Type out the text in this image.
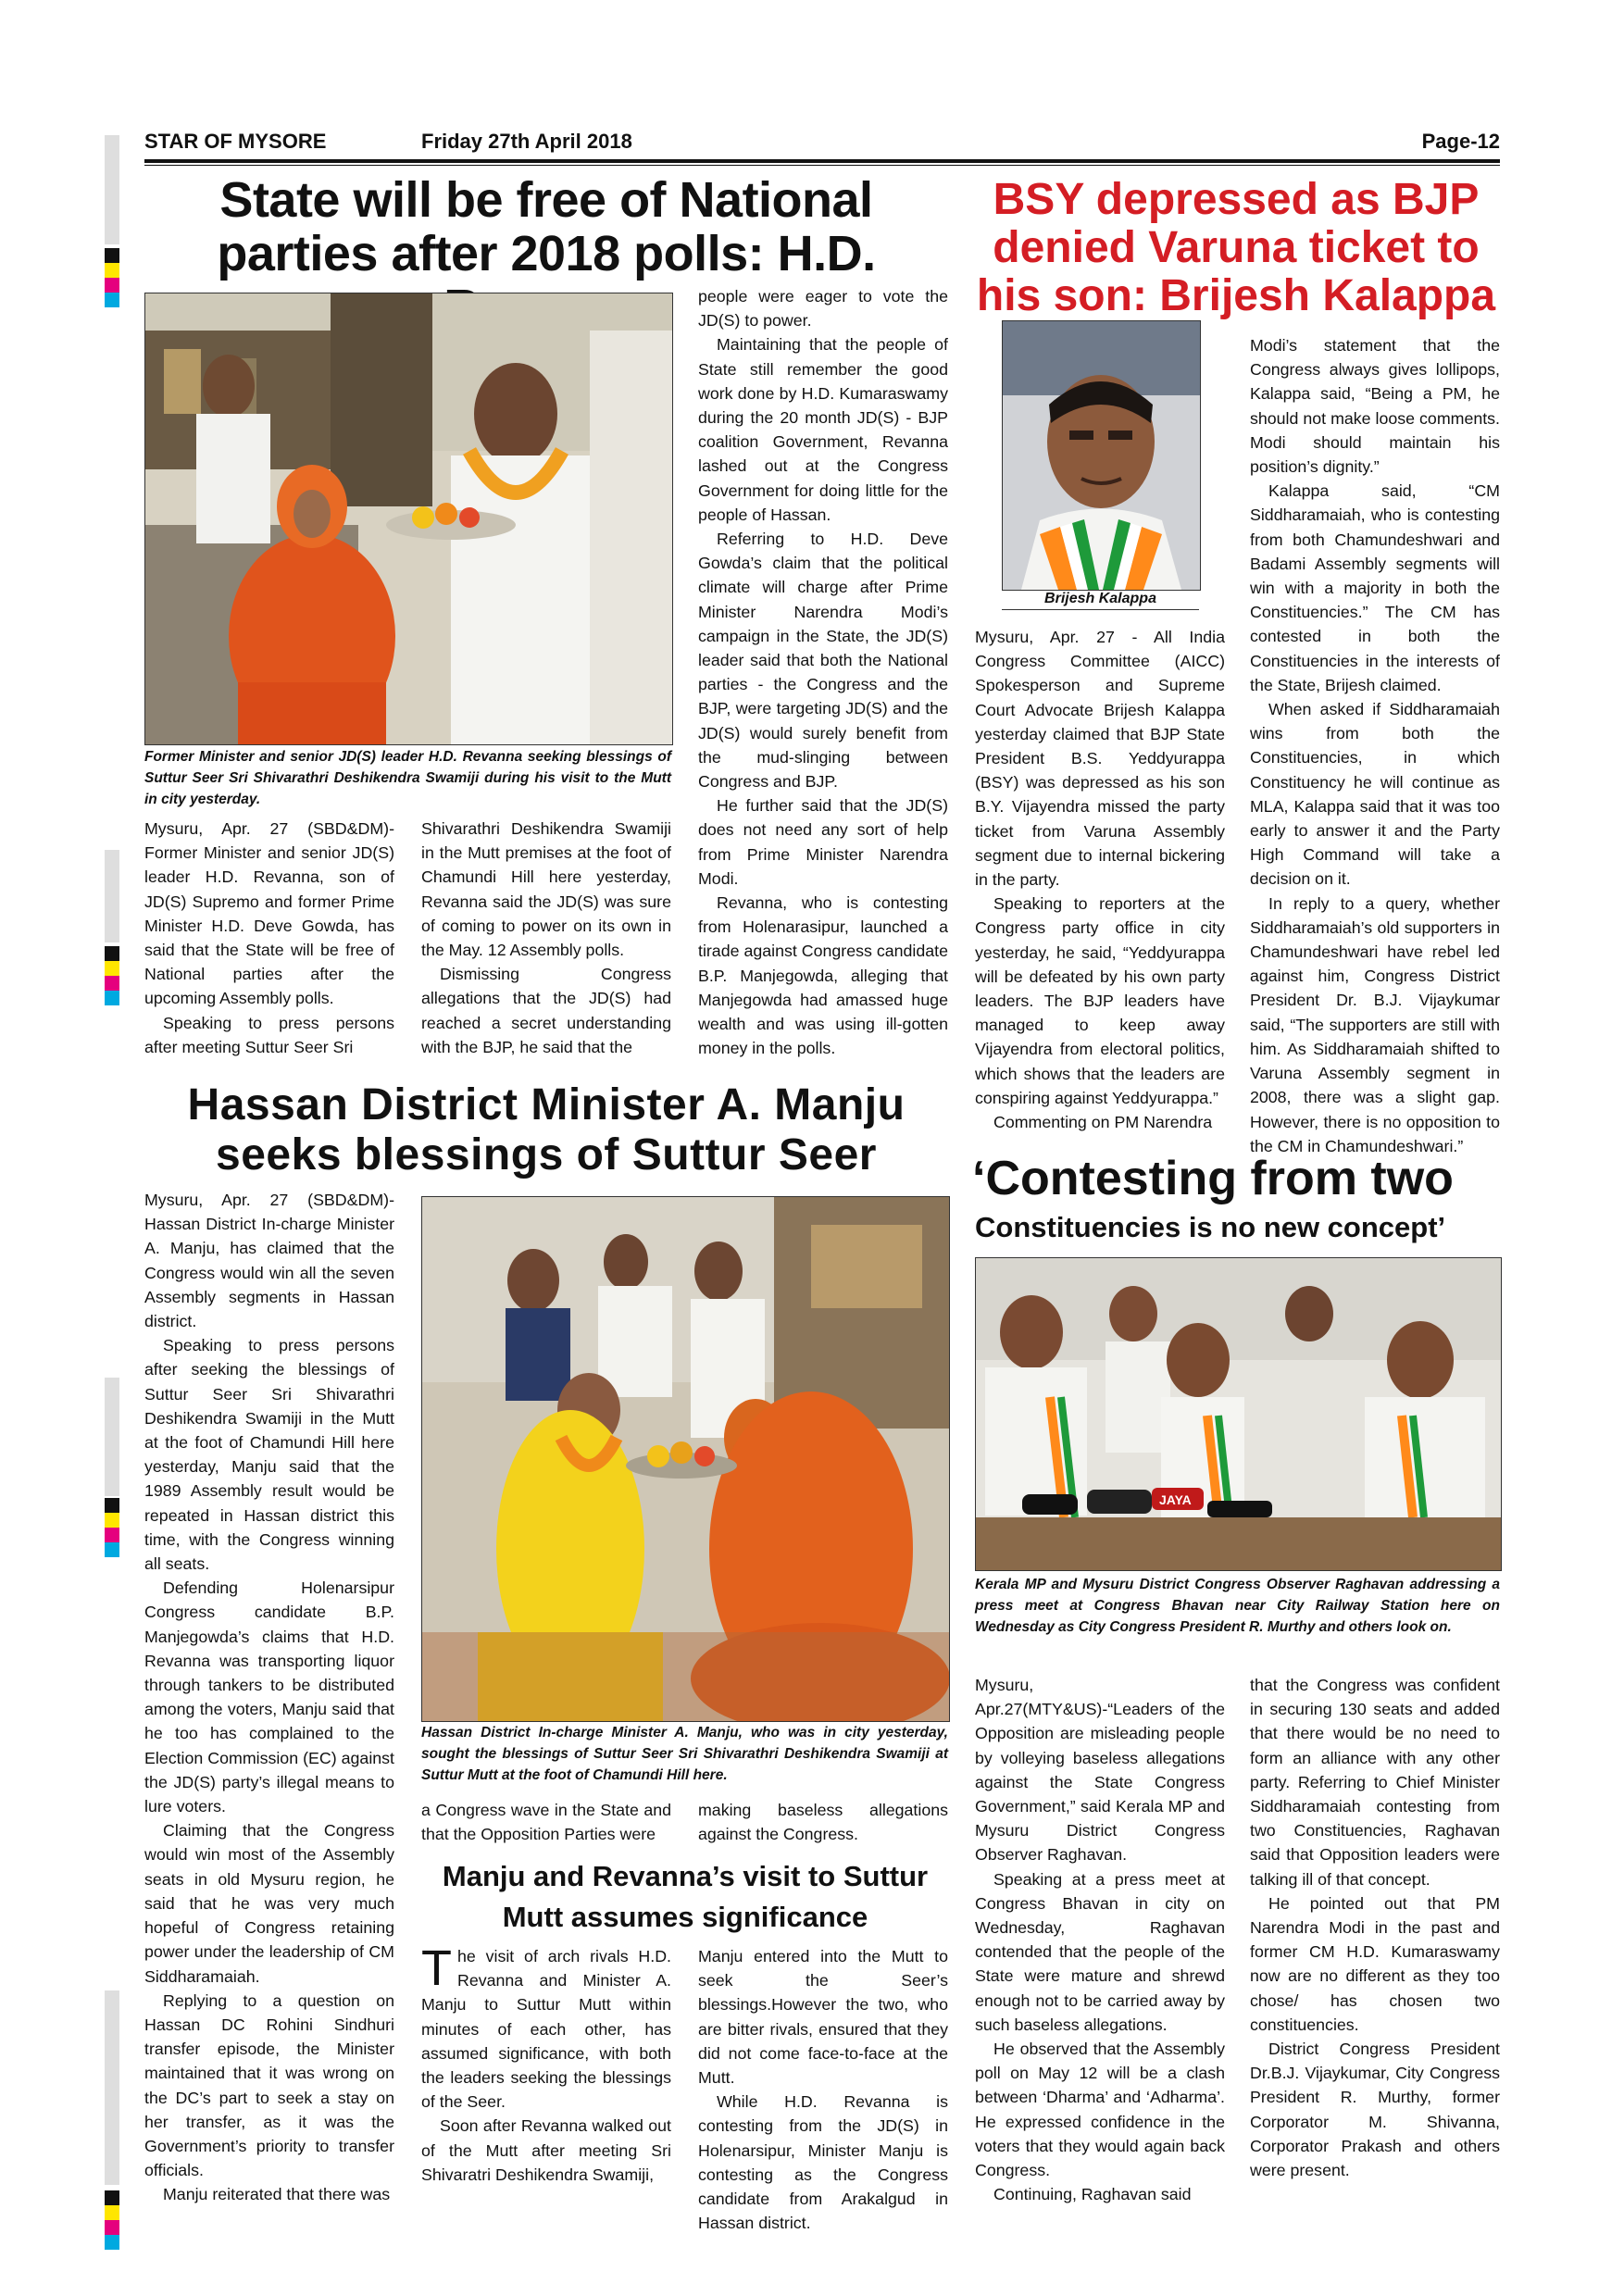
STAR OF MYSORE	Friday 27th April 2018	Page-12
State will be free of National parties after 2018 polls: H.D.
Former Minister and senior JD(S) leader H.D. Revanna seeking blessings of Suttur Seer Sri Shivarathri Deshikendra Swamiji during his visit to the Mutt in city yesterday.

Mysuru, Apr. 27 (SBD&DM)-Former Minister and senior JD(S) leader H.D. Revanna, son of JD(S) Supremo and former Prime Minister H.D. Deve Gowda, has said that the State will be free of National parties after the upcoming Assembly polls.

Speaking to press persons after meeting Suttur Seer Sri

Shivarathri Deshikendra Swamiji in the Mutt premises at the foot of Chamundi Hill here yesterday, Revanna said the JD(S) was sure of coming to power on its own in the May. 12 Assembly polls.

Dismissing Congress allegations that the JD(S) had reached a secret understanding with the BJP, he said that the

people were eager to vote the JD(S) to power.

Maintaining that the people of State still remember the good work done by H.D. Kumaraswamy during the 20 month JD(S) - BJP coalition Government, Revanna lashed out at the Congress Government for doing little for the people of Hassan.

Referring to H.D. Deve Gowda’s claim that the political climate will charge after Prime Minister Narendra Modi’s campaign in the State, the JD(S) leader said that both the National parties - the Congress and the BJP, were targeting JD(S) and the JD(S) would surely benefit from the mud-slinging between Congress and BJP.

He further said that the JD(S) does not need any sort of help from Prime Minister Narendra Modi.

Revanna, who is contesting from Holenarasipur, launched a tirade against Congress candidate B.P. Manjegowda, alleging that Manjegowda had amassed huge wealth and was using ill-gotten money in the polls.

BSY depressed as BJP denied Varuna ticket to his son: Brijesh Kalappa
Brijesh Kalappa

Mysuru, Apr. 27 - All India Congress Committee (AICC) Spokesperson and Supreme Court Advocate Brijesh Kalappa yesterday claimed that BJP State President B.S. Yeddyurappa (BSY) was depressed as his son B.Y. Vijayendra missed the party ticket from Varuna Assembly segment due to internal bickering in the party.

Speaking to reporters at the Congress party office in city yesterday, he said, “Yeddyurappa will be defeated by his own party leaders. The BJP leaders have managed to keep away Vijayendra from electoral politics, which shows that the leaders are conspiring against Yeddyurappa.”

Commenting on PM Narendra

Modi’s statement that the Congress always gives lollipops, Kalappa said, “Being a PM, he should not make loose comments. Modi should maintain his position’s dignity.”

Kalappa said, “CM Siddharamaiah, who is contesting from both Chamundeshwari and Badami Assembly segments will win with a majority in both the Constituencies.” The CM has contested in both the Constituencies in the interests of the State, Brijesh claimed.

When asked if Siddharamaiah wins from both the Constituencies, in which Constituency he will continue as MLA, Kalappa said that it was too early to answer it and the Party High Command will take a decision on it.

In reply to a query, whether Siddharamaiah’s old supporters in Chamundeshwari have rebel led against him, Congress District President Dr. B.J. Vijaykumar said, “The supporters are still with him. As Siddharamaiah shifted to Varuna Assembly segment in 2008, there was a slight gap. However, there is no opposition to the CM in Chamundeshwari.”

Hassan District Minister A. Manju seeks blessings of Suttur Seer

Mysuru, Apr. 27 (SBD&DM)-Hassan District In-charge Minister A. Manju, has claimed that the Congress would win all the seven Assembly segments in Hassan district.

Speaking to press persons after seeking the blessings of Suttur Seer Sri Shivarathri Deshikendra Swamiji in the Mutt at the foot of Chamundi Hill here yesterday, Manju said that the 1989 Assembly result would be repeated in Hassan district this time, with the Congress winning all seats.

Defending Holenarsipur Congress candidate B.P. Manjegowda’s claims that H.D. Revanna was transporting liquor through tankers to be distributed among the voters, Manju said that he too has complained to the Election Commission (EC) against the JD(S) party’s illegal means to lure voters.

Claiming that the Congress would win most of the Assembly seats in old Mysuru region, he said that he was very much hopeful of Congress retaining power under the leadership of CM Siddharamaiah.

Replying to a question on Hassan DC Rohini Sindhuri transfer episode, the Minister maintained that it was wrong on the DC’s part to seek a stay on her transfer, as it was the Government’s priority to transfer officials.

Manju reiterated that there was

Hassan District In-charge Minister A. Manju, who was in city yesterday, sought the blessings of Suttur Seer Sri Shivarathri Deshikendra Swamiji at Suttur Mutt at the foot of Chamundi Hill here.

a Congress wave in the State and that the Opposition Parties were

making baseless allegations against the Congress.

Manju and Revanna’s visit to Suttur Mutt assumes significance

The visit of arch rivals H.D. Revanna and Minister A. Manju to Suttur Mutt within minutes of each other, has assumed significance, with both the leaders seeking the blessings of the Seer.

Soon after Revanna walked out of the Mutt after meeting Sri Shivaratri Deshikendra Swamiji,

Manju entered into the Mutt to seek the Seer’s blessings.However the two, who are bitter rivals, ensured that they did not come face-to-face at the Mutt.

While H.D. Revanna is contesting from the JD(S) in Holenarsipur, Minister Manju is contesting as the Congress candidate from Arakalgud in Hassan district.

‘Contesting from two
Constituencies is no new concept’
JAYA
Kerala MP and Mysuru District Congress Observer Raghavan addressing a press meet at Congress Bhavan near City Railway Station here on Wednesday as City Congress President R. Murthy and others look on.

Mysuru, Apr.27(MTY&US)-“Leaders of the Opposition are misleading people by volleying baseless allegations against the State Congress Government,” said Kerala MP and Mysuru District Congress Observer Raghavan.

Speaking at a press meet at Congress Bhavan in city on Wednesday, Raghavan contended that the people of the State were mature and shrewd enough not to be carried away by such baseless allegations.

He observed that the Assembly poll on May 12 will be a clash between ‘Dharma’ and ‘Adharma’. He expressed confidence in the voters that they would again back Congress.

Continuing, Raghavan said

that the Congress was confident in securing 130 seats and added that there would be no need to form an alliance with any other party. Referring to Chief Minister Siddharamaiah contesting from two Constituencies, Raghavan said that Opposition leaders were talking ill of that concept.

He pointed out that PM Narendra Modi in the past and former CM H.D. Kumaraswamy now are no different as they too chose/ has chosen two constituencies.

District Congress President Dr.B.J. Vijaykumar, City Congress President R. Murthy, former Corporator M. Shivanna, Corporator Prakash and others were present.
